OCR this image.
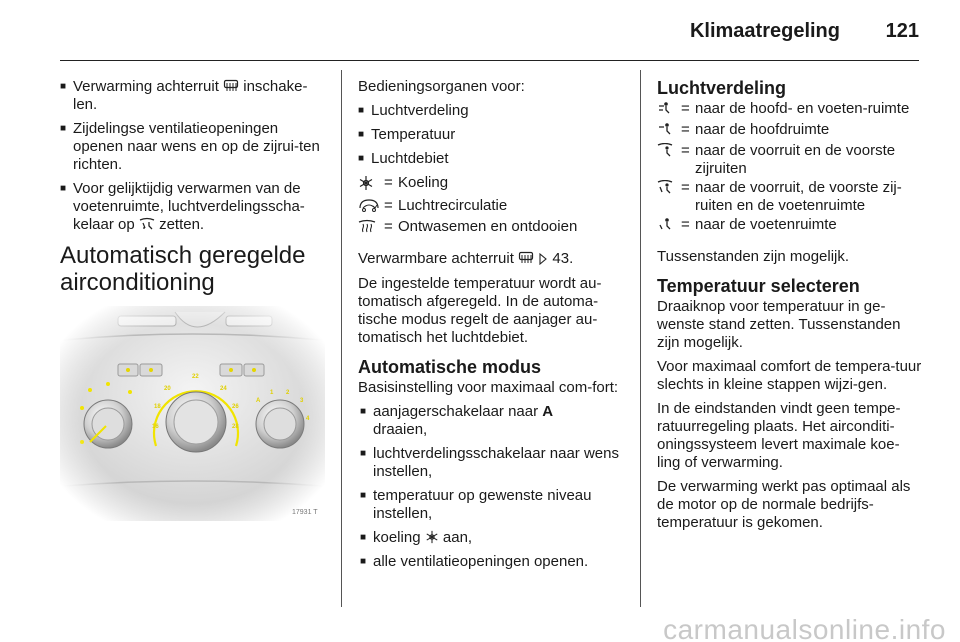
Klimaatregeling 121
■ Verwarming achterruit inschake-len.
■ Zijdelingse ventilatieopeningen openen naar wens en op de zijrui-ten richten.
■ Voor gelijktijdig verwarmen van de voetenruimte, luchtverdelingsscha-kelaar op zetten.
Automatisch geregelde airconditioning
22
20	24
18	26
16	28
A
1 2
3
4
17931 T

Bedieningsorganen voor:

■ Luchtverdeling
■ Temperatuur
■ Luchtdebiet
= Koeling
= Luchtrecirculatie
= Ontwasemen en ontdooien

Verwarmbare achterruit
	43.

De ingestelde temperatuur wordt au-tomatisch afgeregeld. In de automa-tische modus regelt de aanjager au-tomatisch het luchtdebiet.

Automatische modus

Basisinstelling voor maximaal com-fort:

■ aanjagerschakelaar naar A
draaien,
■ luchtverdelingsschakelaar naar wens instellen,
■ temperatuur op gewenste niveau instellen,
■ koeling aan,
■ alle ventilatieopeningen openen.
Luchtverdeling
= naar de hoofd- en voeten-ruimte
= naar de hoofdruimte
= naar de voorruit en de voorste zijruiten
= naar de voorruit, de voorste zij-ruiten en de voetenruimte
= naar de voetenruimte

Tussenstanden zijn mogelijk.

Temperatuur selecteren

Draaiknop voor temperatuur in ge-wenste stand zetten. Tussenstanden zijn mogelijk.

Voor maximaal comfort de tempera-tuur slechts in kleine stappen wijzi-gen.

In de eindstanden vindt geen tempe-ratuurregeling plaats. Het airconditi-oningssysteem levert maximale koe-ling of verwarming.

De verwarming werkt pas optimaal als de motor op de normale bedrijfs-temperatuur is gekomen.

carmanualsonline.info
